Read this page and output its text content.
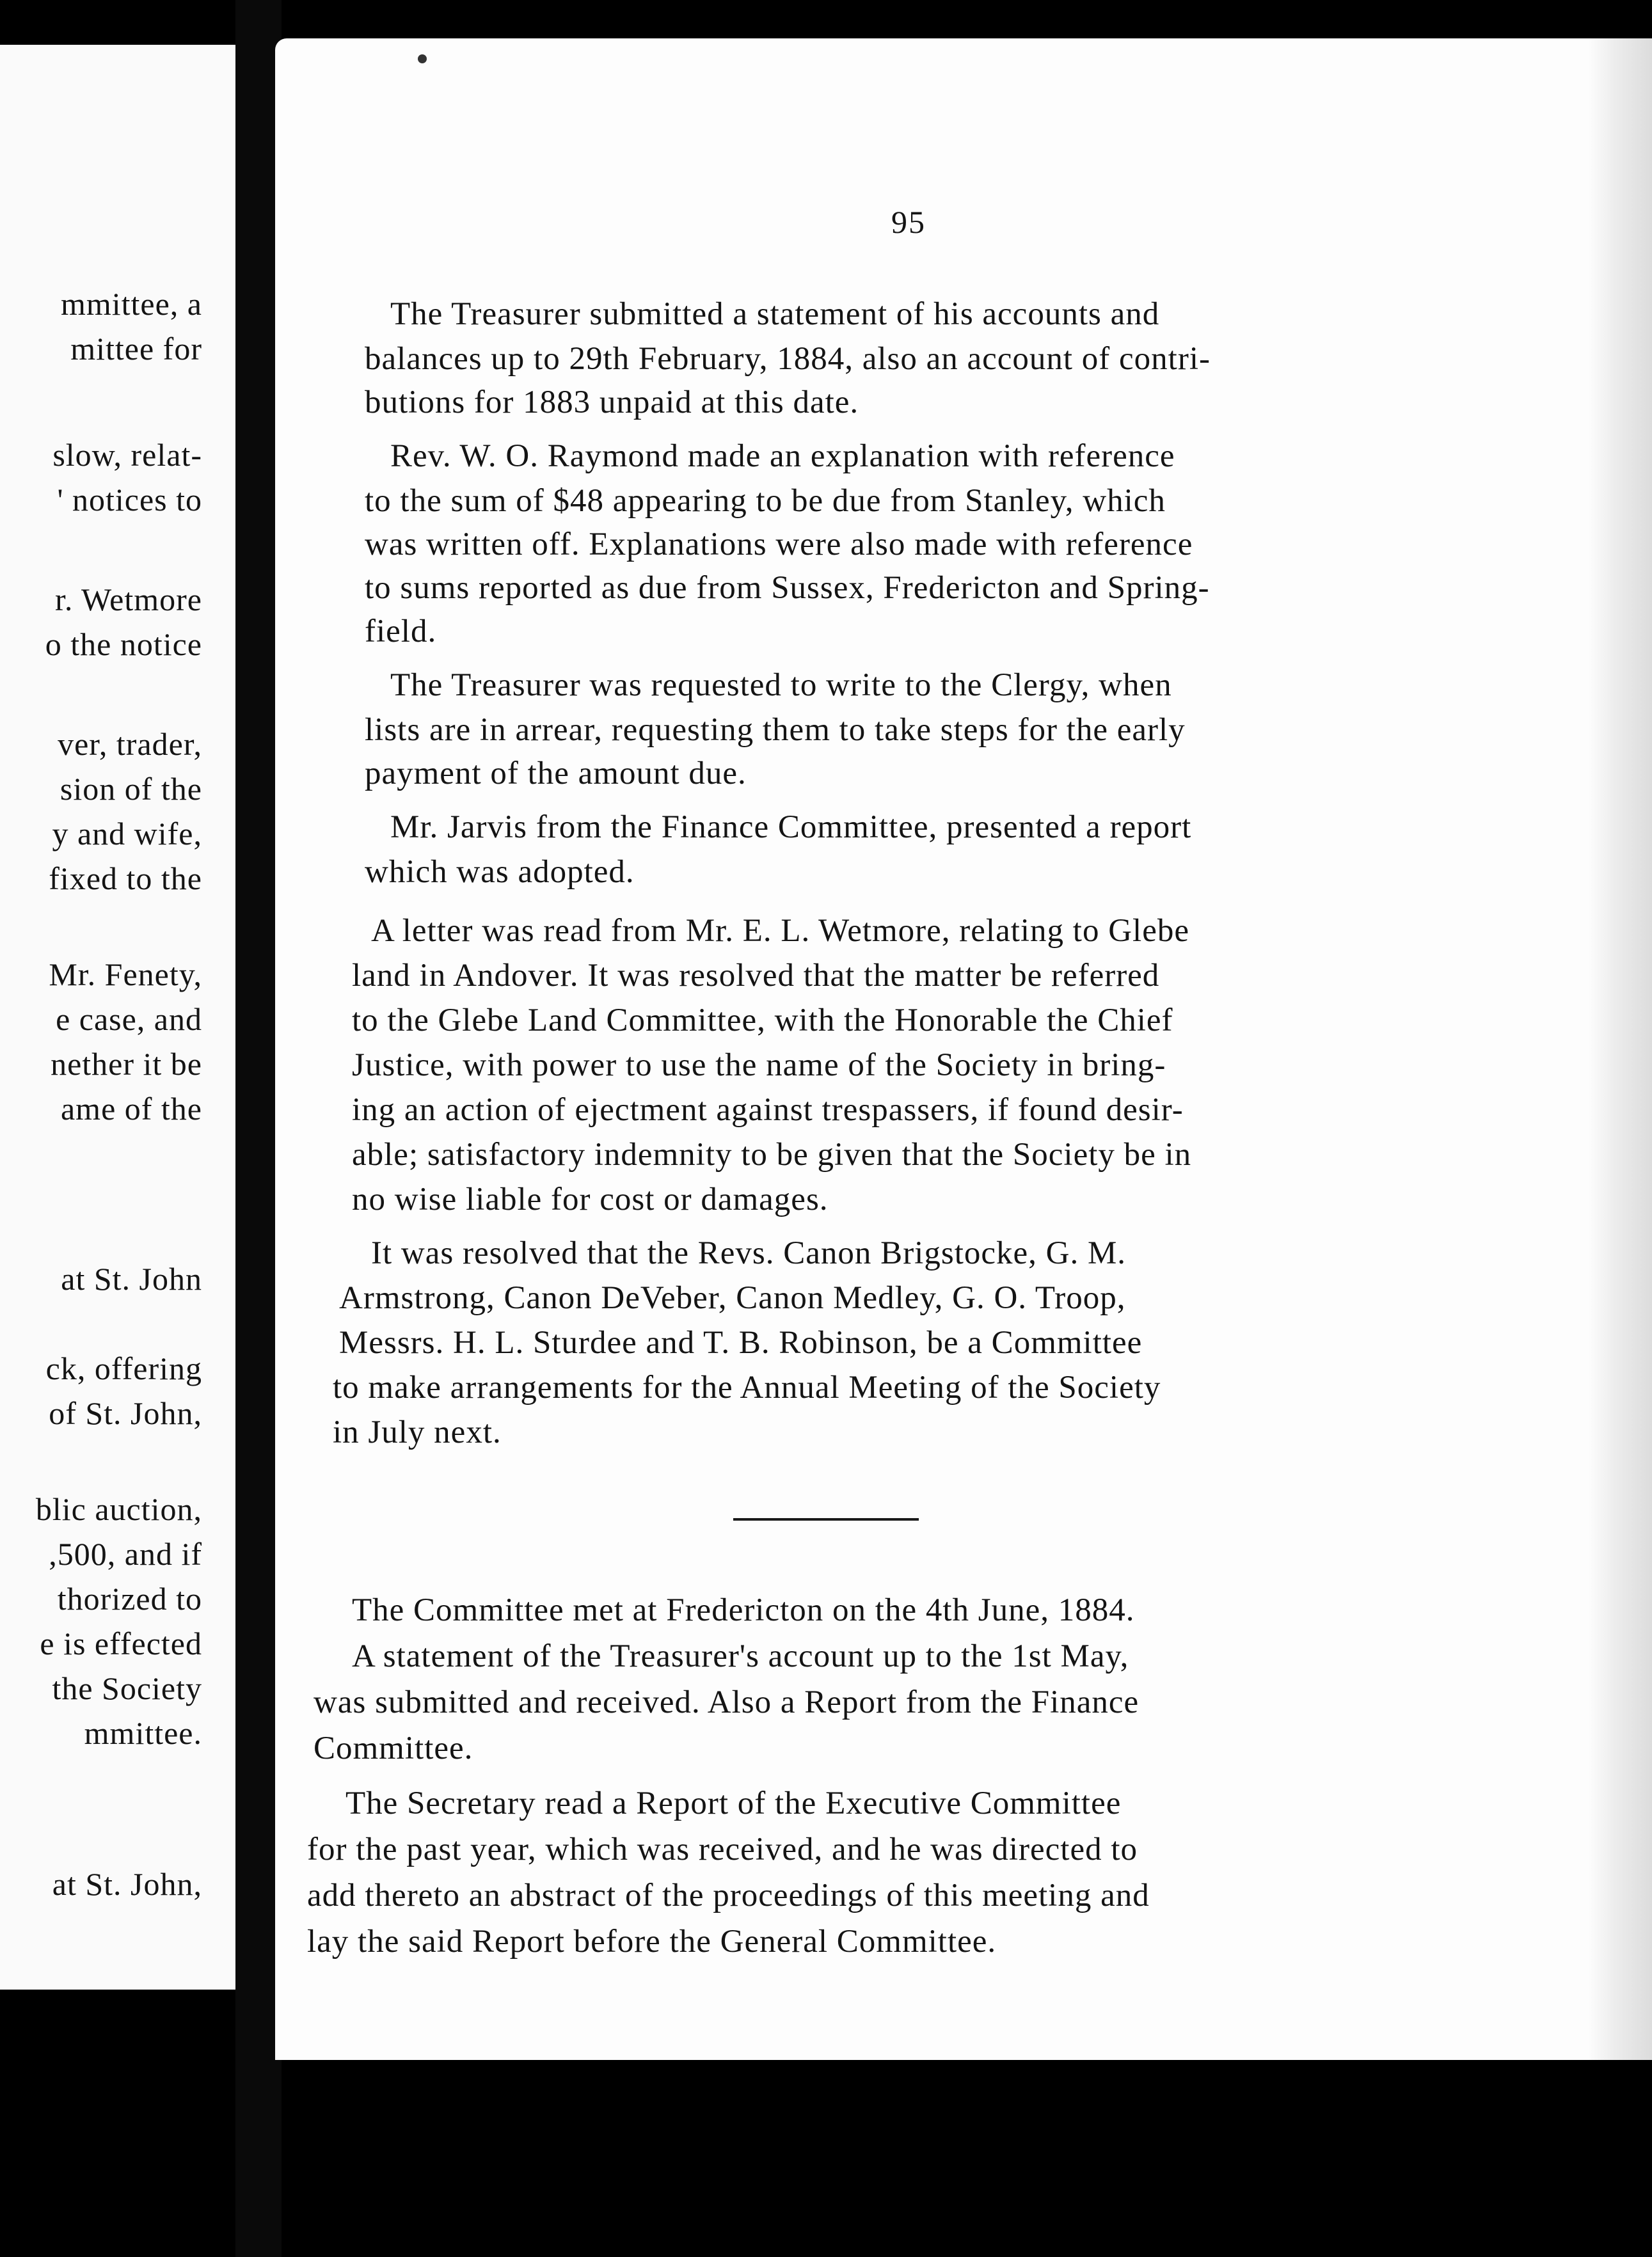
mmittee, a
mittee for
slow, relat-
' notices to
r. Wetmore
o the notice
ver, trader,
sion of the
y and wife,
fixed to the
Mr. Fenety,
e case, and
nether it be
ame of the
at St. John
ck, offering
of St. John,
blic auction,
,500, and if
thorized to
e is effected
the Society
mmittee.
at St. John,
95
The Treasurer submitted a statement of his accounts and
balances up to 29th February, 1884, also an account of contri-
butions for 1883 unpaid at this date.
Rev. W. O. Raymond made an explanation with reference
to the sum of $48 appearing to be due from Stanley, which
was written off. Explanations were also made with reference
to sums reported as due from Sussex, Fredericton and Spring-
field.
The Treasurer was requested to write to the Clergy, when
lists are in arrear, requesting them to take steps for the early
payment of the amount due.
Mr. Jarvis from the Finance Committee, presented a report
which was adopted.
A letter was read from Mr. E. L. Wetmore, relating to Glebe
land in Andover. It was resolved that the matter be referred
to the Glebe Land Committee, with the Honorable the Chief
Justice, with power to use the name of the Society in bring-
ing an action of ejectment against trespassers, if found desir-
able; satisfactory indemnity to be given that the Society be in
no wise liable for cost or damages.
It was resolved that the Revs. Canon Brigstocke, G. M.
Armstrong, Canon DeVeber, Canon Medley, G. O. Troop,
Messrs. H. L. Sturdee and T. B. Robinson, be a Committee
to make arrangements for the Annual Meeting of the Society
in July next.
The Committee met at Fredericton on the 4th June, 1884.
A statement of the Treasurer's account up to the 1st May,
was submitted and received. Also a Report from the Finance
Committee.
The Secretary read a Report of the Executive Committee
for the past year, which was received, and he was directed to
add thereto an abstract of the proceedings of this meeting and
lay the said Report before the General Committee.
